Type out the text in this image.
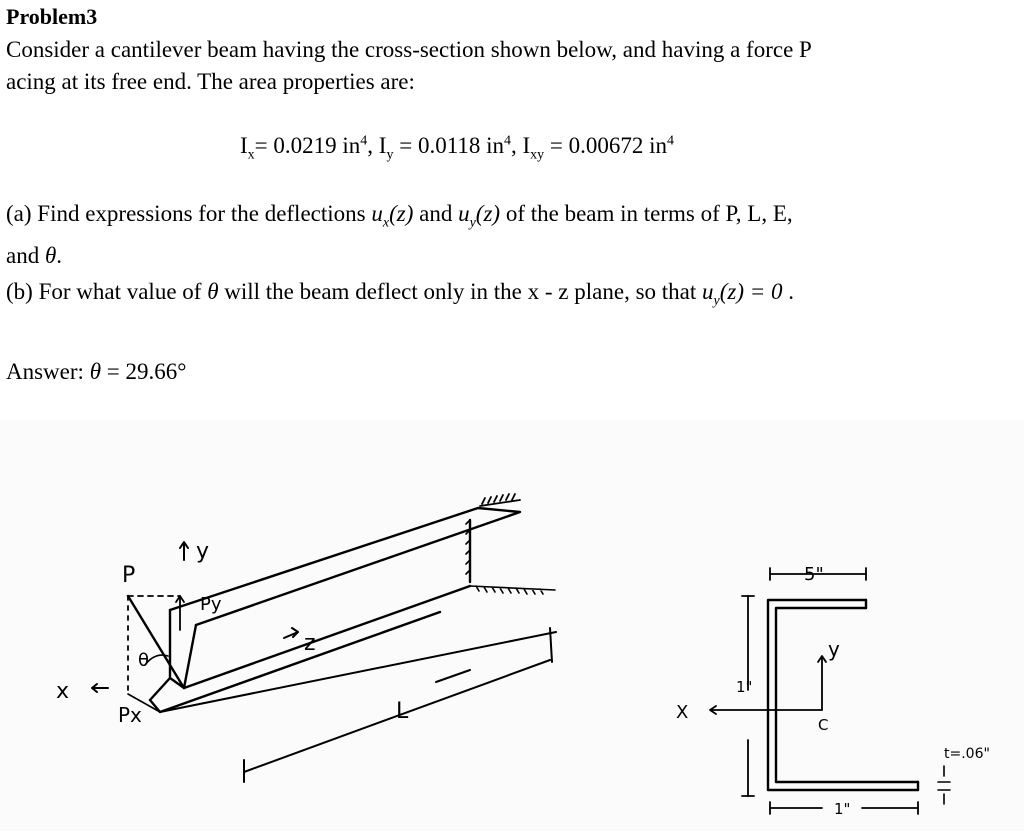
Problem3
Consider a cantilever beam having the cross-section shown below, and having a force P
acing at its free end. The area properties are:
$I_x= 0.0219$ $in^4$, $I_y = 0.0118$ $in^4$, $I_{xy} = 0.00672$ $in^4$
(a) Find expressions for the deflections $u_x(z)$ and $u_y(z)$ of the beam in terms of P, L, E,
and θ.
(b) For what value of θ will the beam deflect only in the x - z plane, so that $u_y(z) = 0$ .
Answer: θ = 29.66°
P
Py
θ
Px
y
x
z
L
5"
y
X
1"
C
1"
t=.06"
